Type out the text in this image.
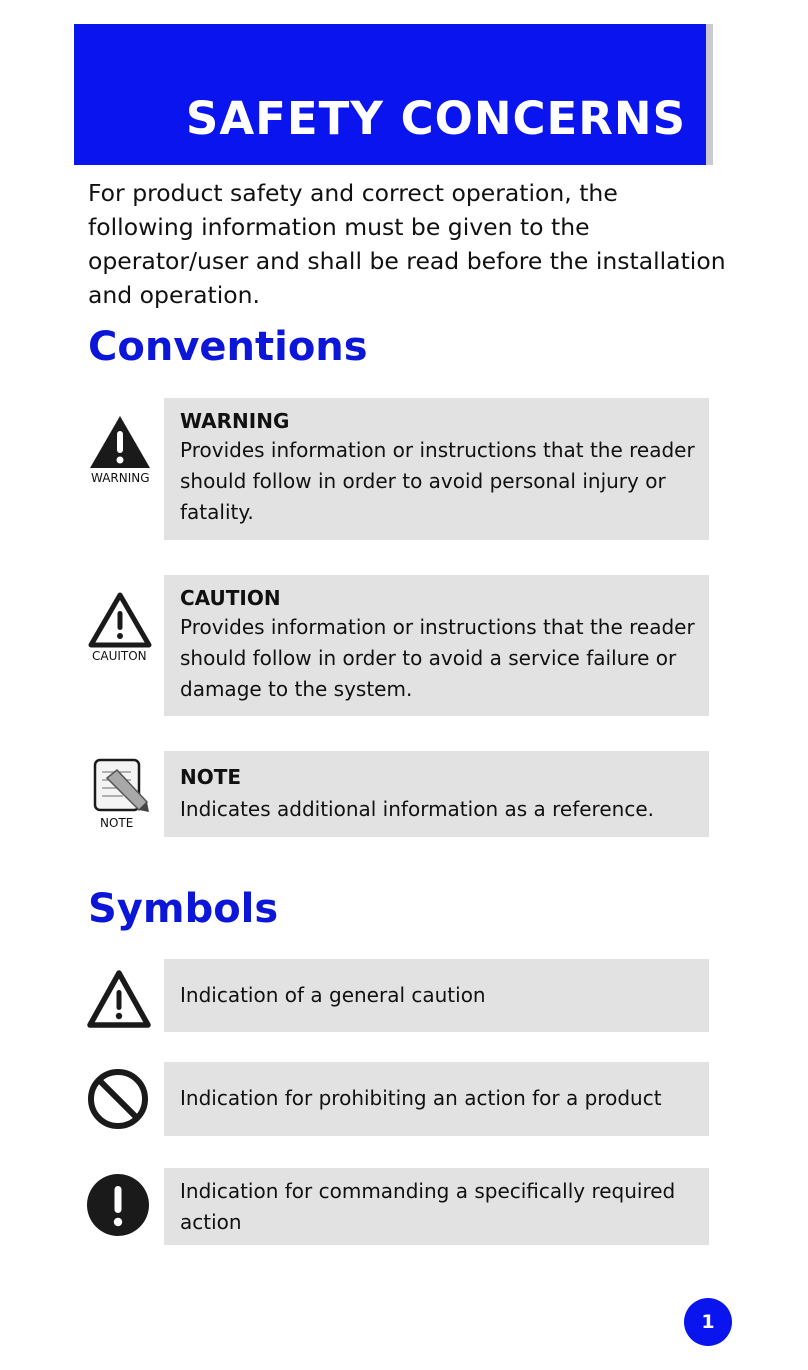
SAFETY CONCERNS

For product safety and correct operation, the following information must be given to the operator/user and shall be read before the installation and operation.

Conventions
WARNING
WARNING
Provides information or instructions that the reader should follow in order to avoid personal injury or fatality.
CAUITON
CAUTION
Provides information or instructions that the reader should follow in order to avoid a service failure or damage to the system.
NOTE
NOTE
Indicates additional information as a reference.
Symbols
Indication of a general caution
Indication for prohibiting an action for a product
Indication for commanding a specifically required action
1
